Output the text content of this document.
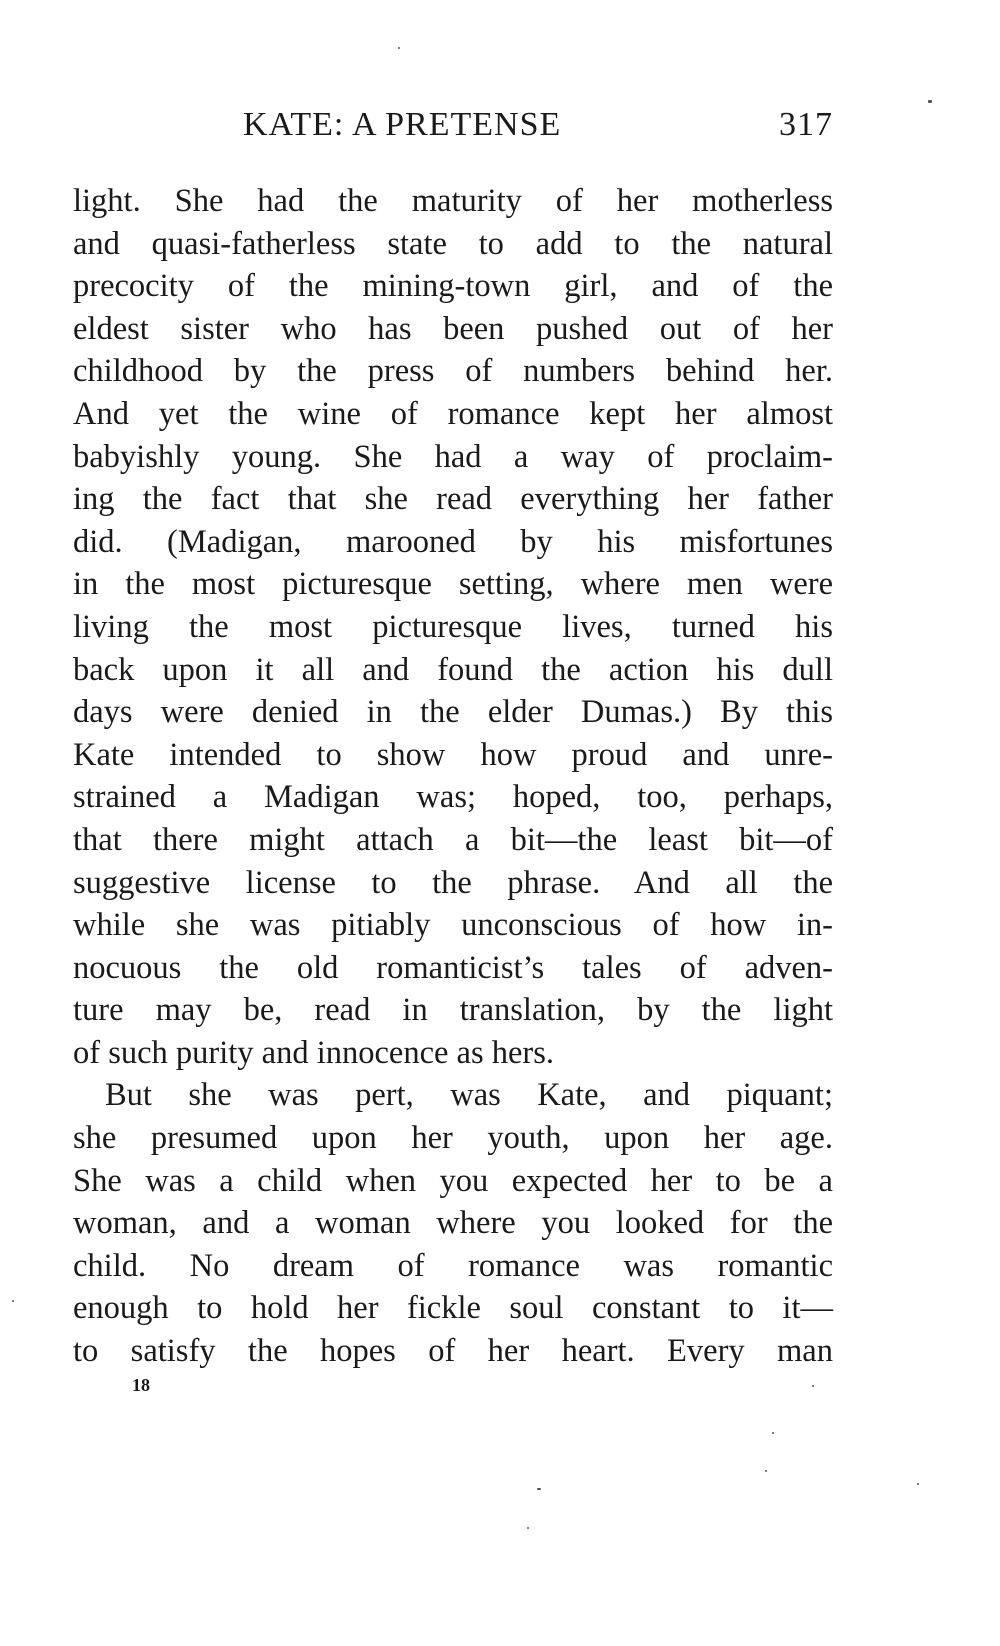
KATE: A PRETENSE	317
light. She had the maturity of her motherless
and quasi-fatherless state to add to the natural
precocity of the mining-town girl, and of the
eldest sister who has been pushed out of her
childhood by the press of numbers behind her.
And yet the wine of romance kept her almost
babyishly young. She had a way of proclaim-
ing the fact that she read everything her father
did. (Madigan, marooned by his misfortunes
in the most picturesque setting, where men were
living the most picturesque lives, turned his
back upon it all and found the action his dull
days were denied in the elder Dumas.) By this
Kate intended to show how proud and unre-
strained a Madigan was; hoped, too, perhaps,
that there might attach a bit—the least bit—of
suggestive license to the phrase. And all the
while she was pitiably unconscious of how in-
nocuous the old romanticist’s tales of adven-
ture may be, read in translation, by the light
of such purity and innocence as hers.
But she was pert, was Kate, and piquant;
she presumed upon her youth, upon her age.
She was a child when you expected her to be a
woman, and a woman where you looked for the
child. No dream of romance was romantic
enough to hold her fickle soul constant to it—
to satisfy the hopes of her heart. Every man
18
